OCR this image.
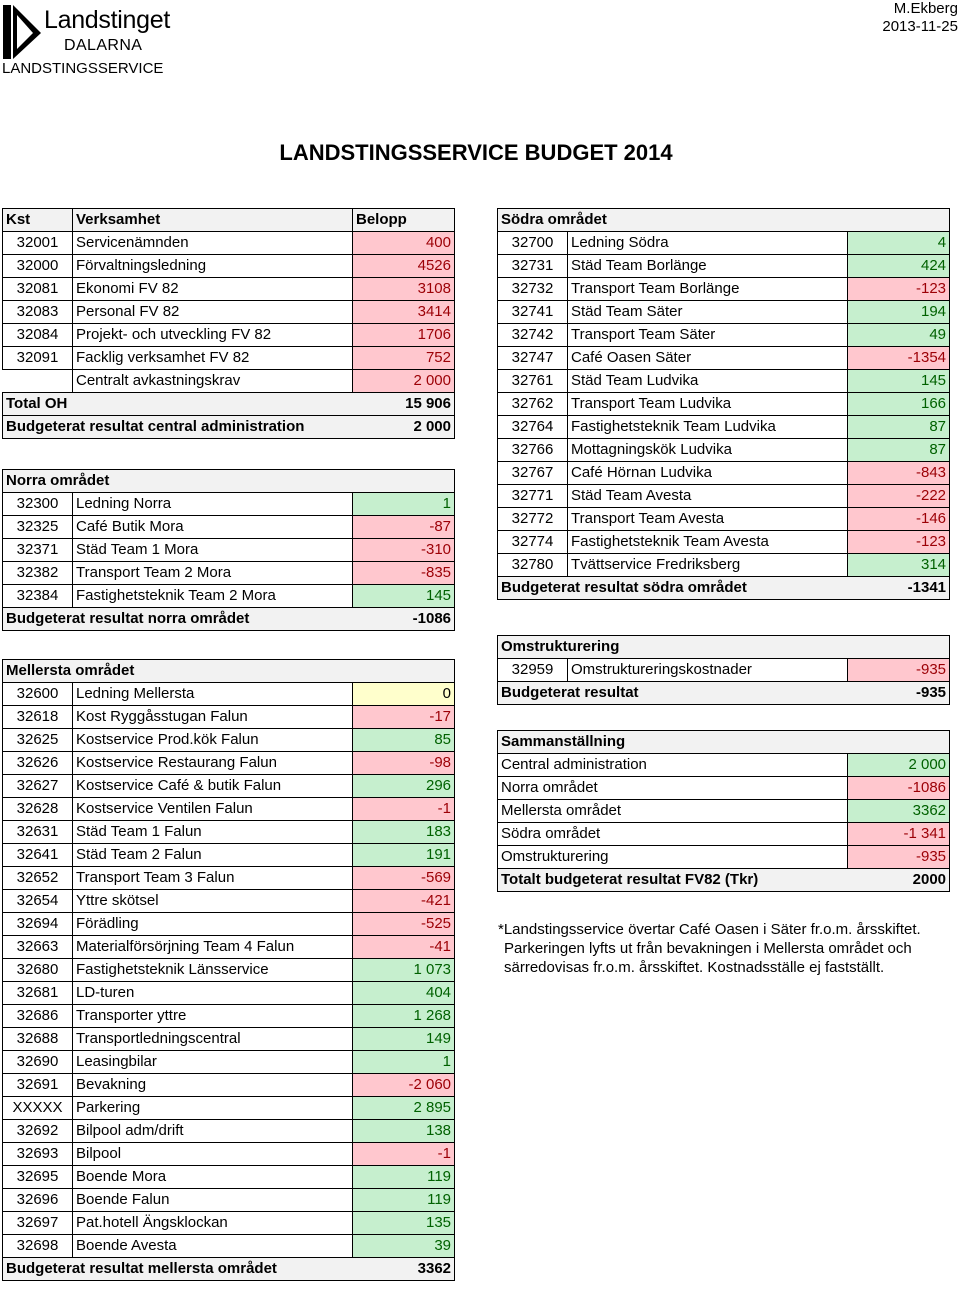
Landstinget
DALARNA
LANDSTINGSSERVICE
M.Ekberg
2013-11-25
LANDSTINGSSERVICE BUDGET 2014
Kst	Verksamhet	Belopp
32001	Servicenämnden	400
32000	Förvaltningsledning	4526
32081	Ekonomi FV 82	3108
32083	Personal FV 82	3414
32084	Projekt- och utveckling FV 82	1706
32091	Facklig verksamhet FV 82	752
	Centralt avkastningskrav	2 000
Total OH		15 906
Budgeterat resultat central administration		2 000
Norra området		
32300	Ledning Norra	1
32325	Café Butik Mora	-87
32371	Städ Team 1 Mora	-310
32382	Transport Team 2 Mora	-835
32384	Fastighetsteknik Team 2 Mora	145
Budgeterat resultat norra området		-1086
Mellersta området		
32600	Ledning Mellersta	0
32618	Kost Ryggåsstugan Falun	-17
32625	Kostservice Prod.kök Falun	85
32626	Kostservice Restaurang Falun	-98
32627	Kostservice Café & butik Falun	296
32628	Kostservice Ventilen Falun	-1
32631	Städ Team 1 Falun	183
32641	Städ Team 2 Falun	191
32652	Transport Team 3 Falun	-569
32654	Yttre skötsel	-421
32694	Förädling	-525
32663	Materialförsörjning Team 4 Falun	-41
32680	Fastighetsteknik Länsservice	1 073
32681	LD-turen	404
32686	Transporter yttre	1 268
32688	Transportledningscentral	149
32690	Leasingbilar	1
32691	Bevakning	-2 060
XXXXX	Parkering	2 895
32692	Bilpool adm/drift	138
32693	Bilpool	-1
32695	Boende Mora	119
32696	Boende Falun	119
32697	Pat.hotell Ängsklockan	135
32698	Boende Avesta	39
Budgeterat resultat mellersta området		3362
Södra området		
32700	Ledning Södra	4
32731	Städ Team Borlänge	424
32732	Transport Team Borlänge	-123
32741	Städ Team Säter	194
32742	Transport Team Säter	49
32747	Café Oasen Säter	-1354
32761	Städ Team Ludvika	145
32762	Transport Team Ludvika	166
32764	Fastighetsteknik Team Ludvika	87
32766	Mottagningskök Ludvika	87
32767	Café Hörnan Ludvika	-843
32771	Städ Team Avesta	-222
32772	Transport Team Avesta	-146
32774	Fastighetsteknik Team Avesta	-123
32780	Tvättservice Fredriksberg	314
Budgeterat resultat södra området		-1341
Omstrukturering		
32959	Omstruktureringskostnader	-935
Budgeterat resultat		-935
Sammanställning	
Central administration	2 000
Norra området	-1086
Mellersta området	3362
Södra området	-1 341
Omstrukturering	-935
Totalt budgeterat resultat FV82 (Tkr)	2000
*Landstingsservice övertar Café Oasen i Säter fr.o.m. årsskiftet.
Parkeringen lyfts ut från bevakningen i Mellersta området och
särredovisas fr.o.m. årsskiftet. Kostnadsställe ej fastställt.
